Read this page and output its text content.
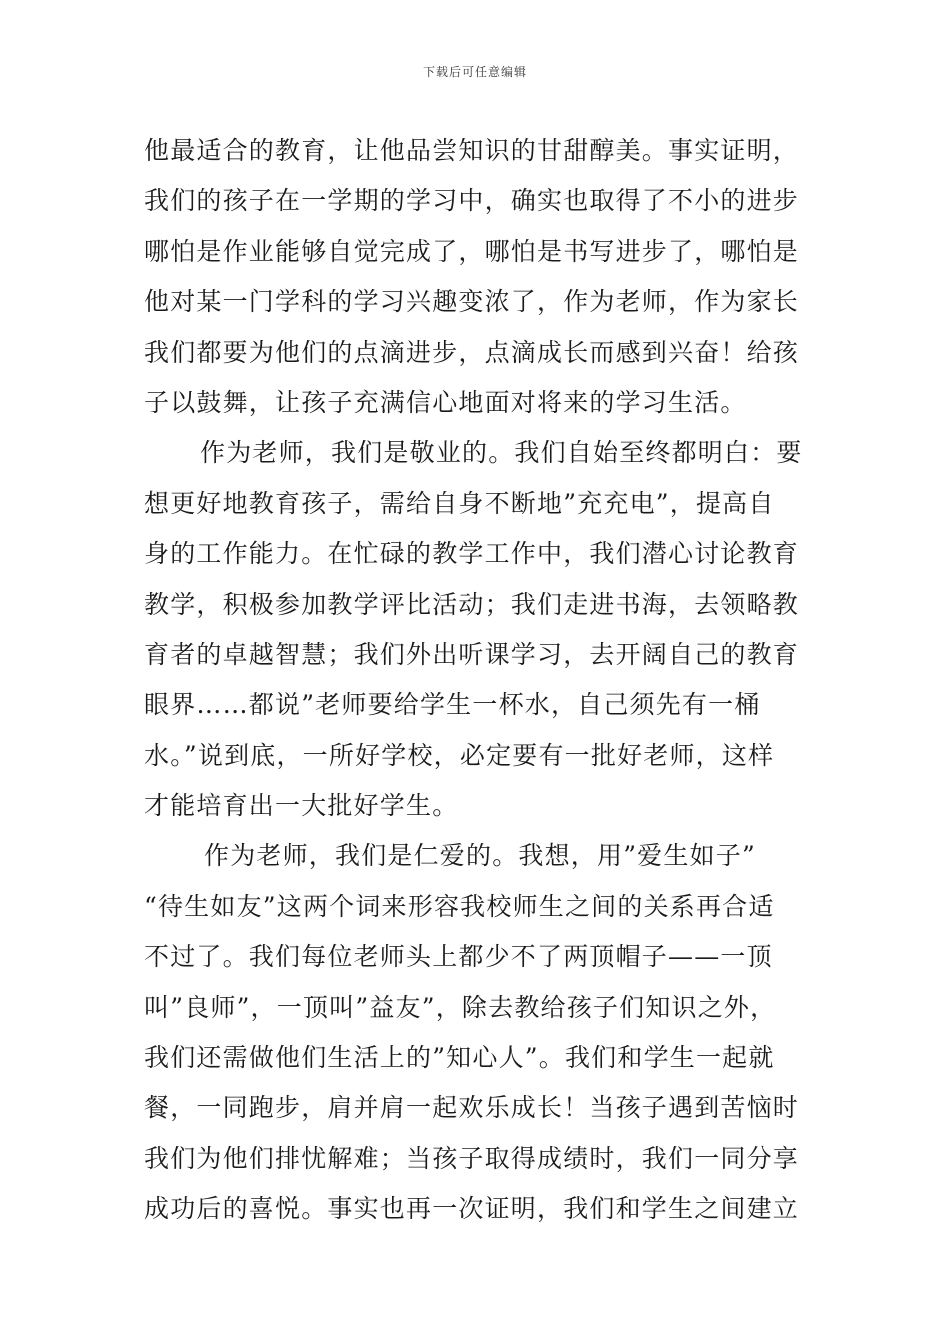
下载后可任意编辑
他最适合的教育，让他品尝知识的甘甜醇美。事实证明，
我们的孩子在一学期的学习中，确实也取得了不小的进步
哪怕是作业能够自觉完成了，哪怕是书写进步了，哪怕是
他对某一门学科的学习兴趣变浓了，作为老师，作为家长
我们都要为他们的点滴进步，点滴成长而感到兴奋！给孩
子以鼓舞，让孩子充满信心地面对将来的学习生活。
作为老师，我们是敬业的。我们自始至终都明白：要
想更好地教育孩子，需给自身不断地”充充电”，提高自
身的工作能力。在忙碌的教学工作中，我们潜心讨论教育
教学，积极参加教学评比活动；我们走进书海，去领略教
育者的卓越智慧；我们外出听课学习，去开阔自己的教育
眼界……都说”老师要给学生一杯水，自己须先有一桶
水。”说到底，一所好学校，必定要有一批好老师，这样
才能培育出一大批好学生。
作为老师，我们是仁爱的。我想，用”爱生如子”
“待生如友”这两个词来形容我校师生之间的关系再合适
不过了。我们每位老师头上都少不了两顶帽子——一顶
叫”良师”，一顶叫”益友”，除去教给孩子们知识之外，
我们还需做他们生活上的”知心人”。我们和学生一起就
餐，一同跑步，肩并肩一起欢乐成长！当孩子遇到苦恼时
我们为他们排忧解难；当孩子取得成绩时，我们一同分享
成功后的喜悦。事实也再一次证明，我们和学生之间建立
